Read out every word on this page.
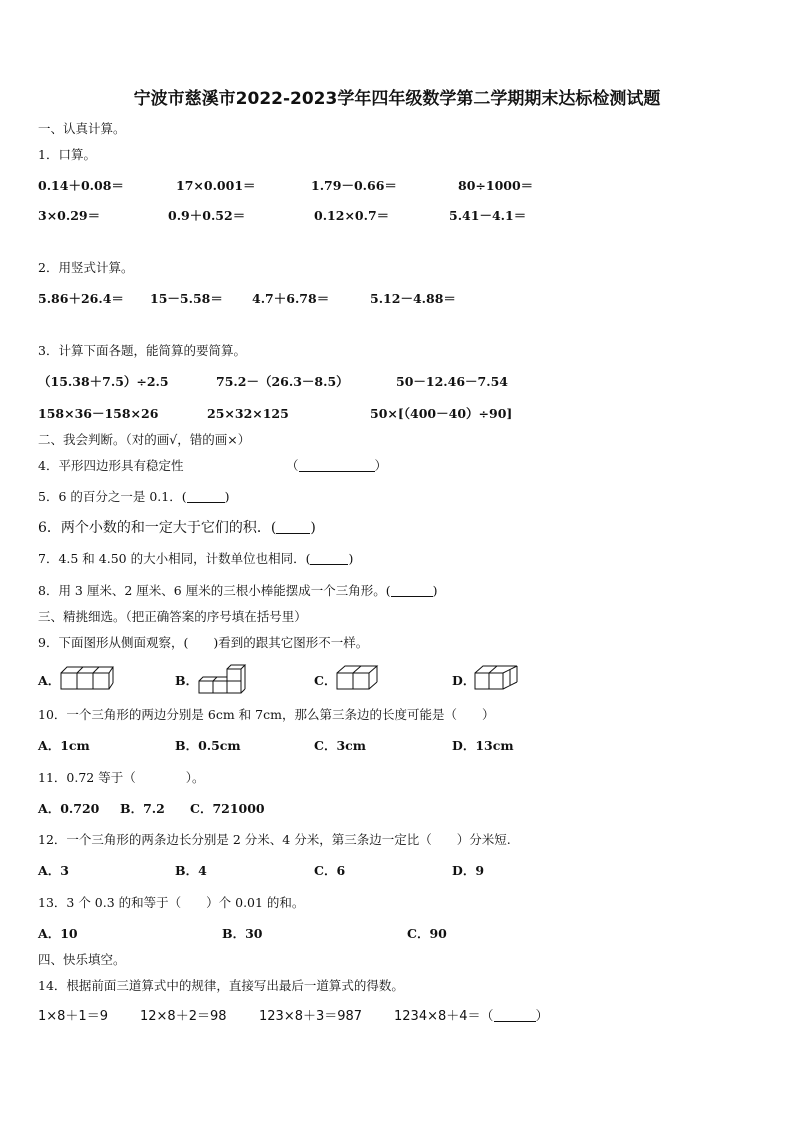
宁波市慈溪市2022-2023学年四年级数学第二学期期末达标检测试题
一、认真计算。
1．口算。
0.14＋0.08＝	17×0.001＝	1.79－0.66＝	80÷1000＝
3×0.29＝	0.9＋0.52＝	0.12×0.7＝	5.41－4.1＝
2．用竖式计算。
5.86＋26.4＝ 15－5.58＝ 4.7＋6.78＝	5.12－4.88＝
3．计算下面各题，能简算的要简算。
（15.38＋7.5）÷2.5	75.2－（26.3－8.5）	50－12.46－7.54
158×36－158×26	25×32×125	50×[（400－40）÷90]
二、我会判断。（对的画√，错的画×）
4．平形四边形具有稳定性	（	）
5．6 的百分之一是 0.1．(	)
6．两个小数的和一定大于它们的积．( )
7．4.5 和 4.50 的大小相同，计数单位也相同．(	)
8．用 3 厘米、2 厘米、6 厘米的三根小棒能摆成一个三角形。(	)
三、精挑细选。（把正确答案的序号填在括号里）
9．下面图形从侧面观察，(　　)看到的跟其它图形不一样。
A．	B．	C．	D．
10．一个三角形的两边分别是 6cm 和 7cm，那么第三条边的长度可能是（　　）
A．1cm	B．0.5cm	C．3cm	D．13cm
11．0.72 等于（　　　　）。
A．0.720 B．7.2 C．721000
12．一个三角形的两条边长分别是 2 分米、4 分米，第三条边一定比（　　）分米短.
A．3	B．4	C．6	D．9
13．3 个 0.3 的和等于（　　）个 0.01 的和。
A．10	B．30	C．90
四、快乐填空。
14．根据前面三道算式中的规律，直接写出最后一道算式的得数。
1×8＋1＝9 12×8＋2＝98 123×8＋3＝987 1234×8＋4＝（	）
